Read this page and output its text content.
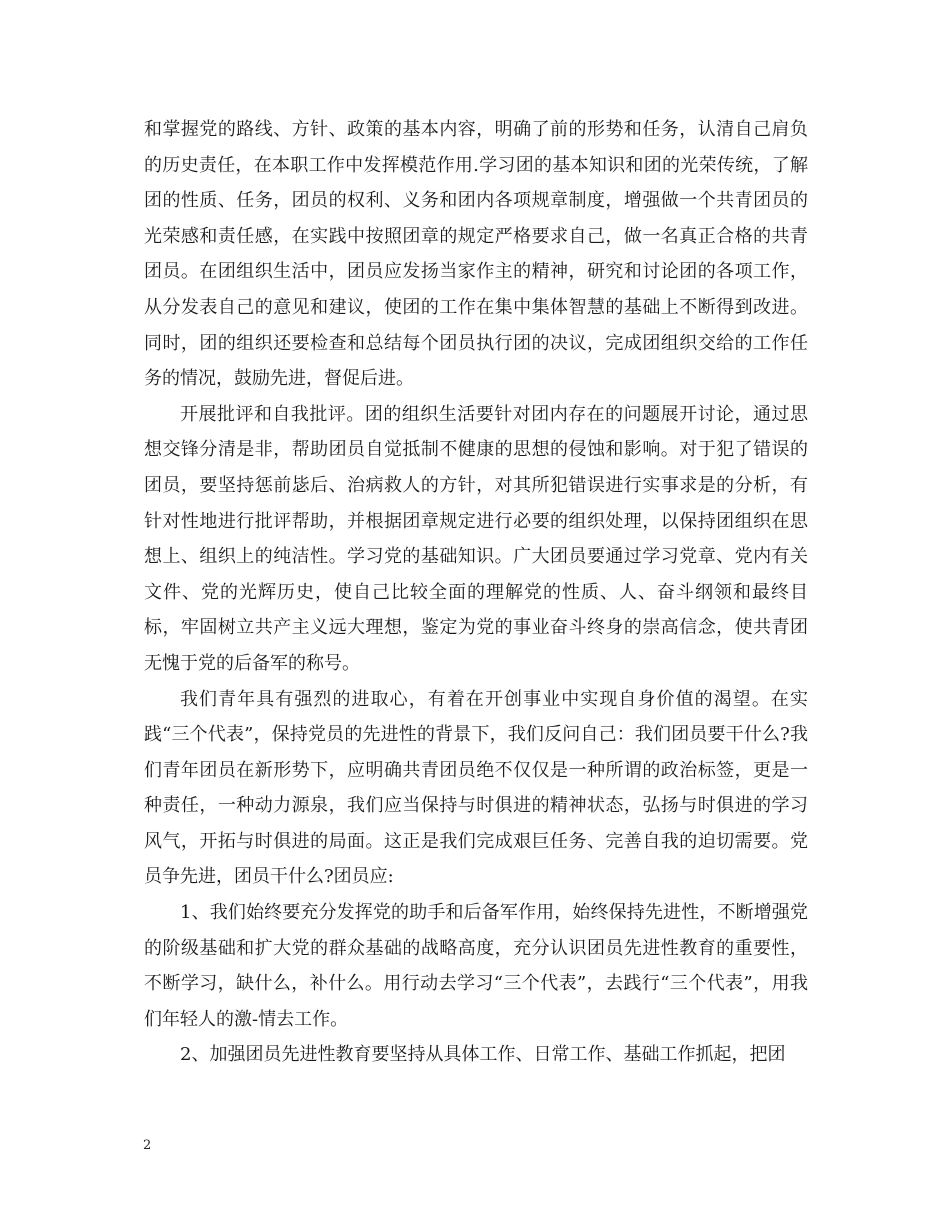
和掌握党的路线、方针、政策的基本内容，明确了前的形势和任务，认清自己肩负的历史责任，在本职工作中发挥模范作用.学习团的基本知识和团的光荣传统，了解团的性质、任务，团员的权利、义务和团内各项规章制度，增强做一个共青团员的光荣感和责任感，在实践中按照团章的规定严格要求自己，做一名真正合格的共青团员。在团组织生活中，团员应发扬当家作主的精神，研究和讨论团的各项工作，从分发表自己的意见和建议，使团的工作在集中集体智慧的基础上不断得到改进。同时，团的组织还要检查和总结每个团员执行团的决议，完成团组织交给的工作任务的情况，鼓励先进，督促后进。

开展批评和自我批评。团的组织生活要针对团内存在的问题展开讨论，通过思想交锋分清是非，帮助团员自觉抵制不健康的思想的侵蚀和影响。对于犯了错误的团员，要坚持惩前毖后、治病救人的方针，对其所犯错误进行实事求是的分析，有针对性地进行批评帮助，并根据团章规定进行必要的组织处理，以保持团组织在思想上、组织上的纯洁性。学习党的基础知识。广大团员要通过学习党章、党内有关文件、党的光辉历史，使自己比较全面的理解党的性质、人、奋斗纲领和最终目标，牢固树立共产主义远大理想，鉴定为党的事业奋斗终身的崇高信念，使共青团无愧于党的后备军的称号。

我们青年具有强烈的进取心，有着在开创事业中实现自身价值的渴望。在实践“三个代表”，保持党员的先进性的背景下，我们反问自己：我们团员要干什么?我们青年团员在新形势下，应明确共青团员绝不仅仅是一种所谓的政治标签，更是一种责任，一种动力源泉，我们应当保持与时俱进的精神状态，弘扬与时俱进的学习风气，开拓与时俱进的局面。这正是我们完成艰巨任务、完善自我的迫切需要。党员争先进，团员干什么?团员应:

1、我们始终要充分发挥党的助手和后备军作用，始终保持先进性，不断增强党的阶级基础和扩大党的群众基础的战略高度，充分认识团员先进性教育的重要性，不断学习，缺什么，补什么。用行动去学习“三个代表”，去践行“三个代表”，用我们年轻人的激-情去工作。

2、加强团员先进性教育要坚持从具体工作、日常工作、基础工作抓起，把团

2
